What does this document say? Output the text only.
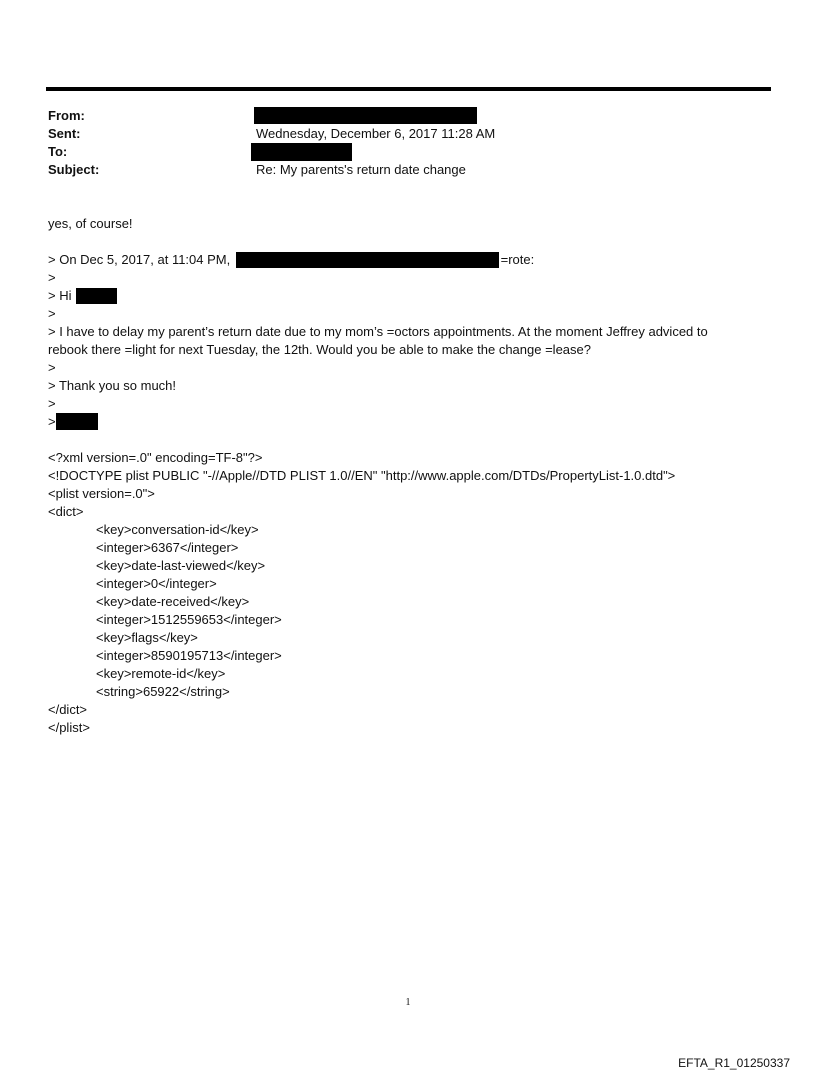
From:
Sent:	Wednesday, December 6, 2017 11:28 AM
To:
Subject:	Re: My parents's return date change
yes, of course!
> On Dec 5, 2017, at 11:04 PM,	=rote:
>
> Hi
>
> I have to delay my parent’s return date due to my mom’s =octors appointments. At the moment Jeffrey adviced to
rebook there =light for next Tuesday, the 12th. Would you be able to make the change =lease?
>
> Thank you so much!
>
>
<?xml version=.0" encoding=TF-8"?>
<!DOCTYPE plist PUBLIC "-//Apple//DTD PLIST 1.0//EN" "http://www.apple.com/DTDs/PropertyList-1.0.dtd">
<plist version=.0">
<dict>
<key>conversation-id</key>
<integer>6367</integer>
<key>date-last-viewed</key>
<integer>0</integer>
<key>date-received</key>
<integer>1512559653</integer>
<key>flags</key>
<integer>8590195713</integer>
<key>remote-id</key>
<string>65922</string>
</dict>
</plist>
1
EFTA_R1_01250337
